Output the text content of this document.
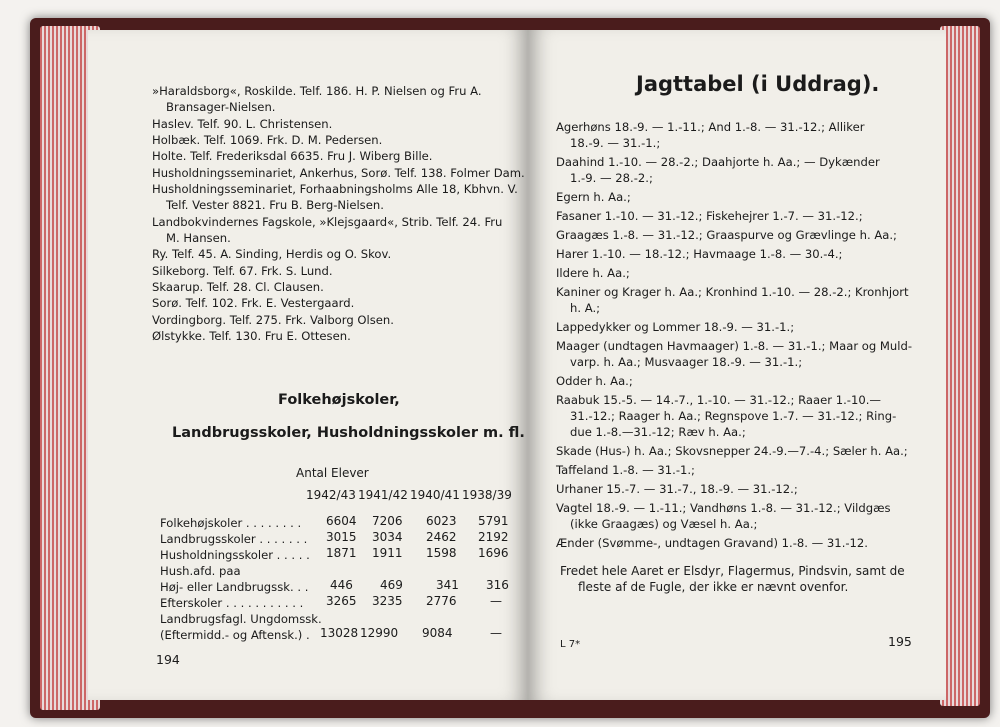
»Haraldsborg«, Roskilde. Telf. 186. H. P. Nielsen og Fru A.
Bransager-Nielsen.
Haslev. Telf. 90. L. Christensen.
Holbæk. Telf. 1069. Frk. D. M. Pedersen.
Holte. Telf. Frederiksdal 6635. Fru J. Wiberg Bille.
Husholdningsseminariet, Ankerhus, Sorø. Telf. 138. Folmer Dam.
Husholdningsseminariet, Forhaabningsholms Alle 18, Kbhvn. V.
Telf. Vester 8821. Fru B. Berg-Nielsen.
Landbokvindernes Fagskole, »Klejsgaard«, Strib. Telf. 24. Fru
M. Hansen.
Ry. Telf. 45. A. Sinding, Herdis og O. Skov.
Silkeborg. Telf. 67. Frk. S. Lund.
Skaarup. Telf. 28. Cl. Clausen.
Sorø. Telf. 102. Frk. E. Vestergaard.
Vordingborg. Telf. 275. Frk. Valborg Olsen.
Ølstykke. Telf. 130. Fru E. Ottesen.
Folkehøjskoler,
Landbrugsskoler, Husholdningsskoler m. fl.
Antal Elever
1942/43 1941/42 1940/41 1938/39
Folkehøjskoler . . . . . . . . 6604 7206 6023 5791
Landbrugsskoler . . . . . . . 3015 3034 2462 2192
Husholdningsskoler . . . . . 1871 1911 1598 1696
Hush.afd. paa
Høj- eller Landbrugssk. . . 446 469	341 316
Efterskoler . . . . . . . . . . . 3265 3235 2776	—
Landbrugsfagl. Ungdomssk.
(Eftermidd.- og Aftensk.) . 13028 12990 9084	—
194
Jagttabel (i Uddrag).
Agerhøns 18.-9. — 1.-11.; And 1.-8. — 31.-12.; Alliker
18.-9. — 31.-1.;
Daahind 1.-10. — 28.-2.; Daahjorte h. Aa.; — Dykænder
1.-9. — 28.-2.;
Egern h. Aa.;
Fasaner 1.-10. — 31.-12.; Fiskehejrer 1.-7. — 31.-12.;
Graagæs 1.-8. — 31.-12.; Graaspurve og Grævlinge h. Aa.;
Harer 1.-10. — 18.-12.; Havmaage 1.-8. — 30.-4.;
Ildere h. Aa.;
Kaniner og Krager h. Aa.; Kronhind 1.-10. — 28.-2.; Kronhjort
h. A.;
Lappedykker og Lommer 18.-9. — 31.-1.;
Maager (undtagen Havmaager) 1.-8. — 31.-1.; Maar og Muld-
varp. h. Aa.; Musvaager 18.-9. — 31.-1.;
Odder h. Aa.;
Raabuk 15.-5. — 14.-7., 1.-10. — 31.-12.; Raaer 1.-10.—
31.-12.; Raager h. Aa.; Regnspove 1.-7. — 31.-12.; Ring-
due 1.-8.—31.-12; Ræv h. Aa.;
Skade (Hus-) h. Aa.; Skovsnepper 24.-9.—7.-4.; Sæler h. Aa.;
Taffeland 1.-8. — 31.-1.;
Urhaner 15.-7. — 31.-7., 18.-9. — 31.-12.;
Vagtel 18.-9. — 1.-11.; Vandhøns 1.-8. — 31.-12.; Vildgæs
(ikke Graagæs) og Væsel h. Aa.;
Ænder (Svømme-, undtagen Gravand) 1.-8. — 31.-12.
Fredet hele Aaret er Elsdyr, Flagermus, Pindsvin, samt de
fleste af de Fugle, der ikke er nævnt ovenfor.
L 7*	195
